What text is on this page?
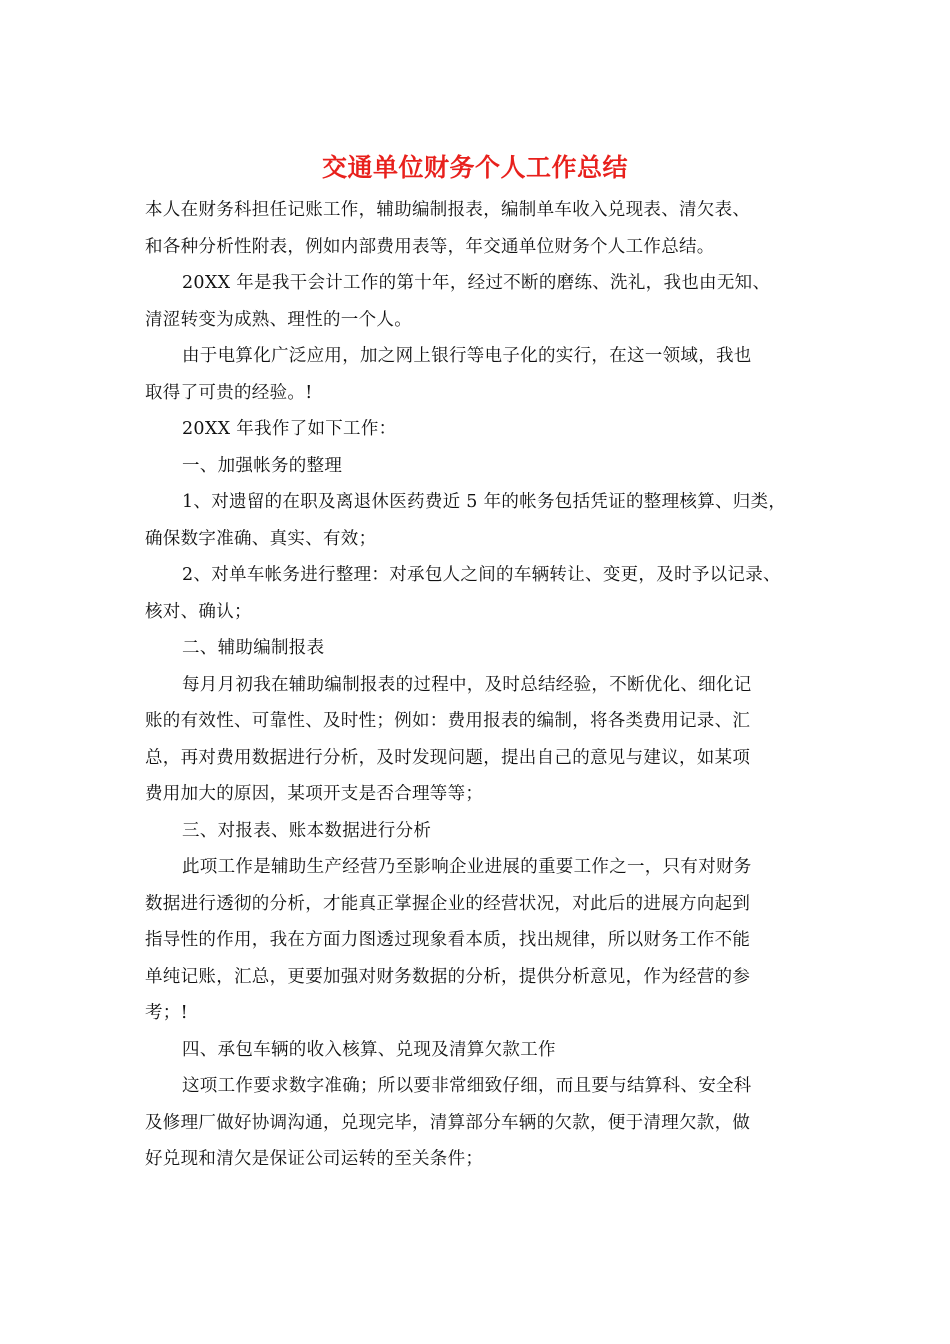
交通单位财务个人工作总结
本人在财务科担任记账工作，辅助编制报表，编制单车收入兑现表、清欠表、
和各种分析性附表，例如内部费用表等，年交通单位财务个人工作总结。
20XX 年是我干会计工作的第十年，经过不断的磨练、洗礼，我也由无知、
清涩转变为成熟、理性的一个人。
由于电算化广泛应用，加之网上银行等电子化的实行，在这一领域，我也
取得了可贵的经验。!
20XX 年我作了如下工作：
一、加强帐务的整理
1、对遗留的在职及离退休医药费近 5 年的帐务包括凭证的整理核算、归类，
确保数字准确、真实、有效；
2、对单车帐务进行整理：对承包人之间的车辆转让、变更，及时予以记录、
核对、确认；
二、辅助编制报表
每月月初我在辅助编制报表的过程中，及时总结经验，不断优化、细化记
账的有效性、可靠性、及时性；例如：费用报表的编制，将各类费用记录、汇
总，再对费用数据进行分析，及时发现问题，提出自己的意见与建议，如某项
费用加大的原因，某项开支是否合理等等；
三、对报表、账本数据进行分析
此项工作是辅助生产经营乃至影响企业进展的重要工作之一，只有对财务
数据进行透彻的分析，才能真正掌握企业的经营状况，对此后的进展方向起到
指导性的作用，我在方面力图透过现象看本质，找出规律，所以财务工作不能
单纯记账，汇总，更要加强对财务数据的分析，提供分析意见，作为经营的参
考；!
四、承包车辆的收入核算、兑现及清算欠款工作
这项工作要求数字准确；所以要非常细致仔细，而且要与结算科、安全科
及修理厂做好协调沟通，兑现完毕，清算部分车辆的欠款，便于清理欠款，做
好兑现和清欠是保证公司运转的至关条件；
